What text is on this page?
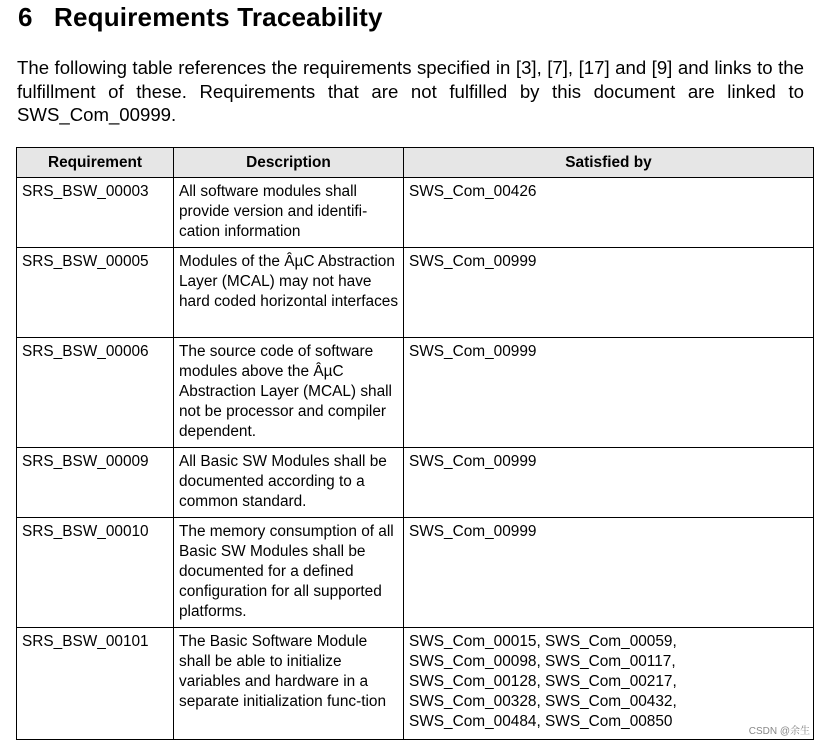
6 Requirements Traceability

The following table references the requirements specified in [3], [7], [17] and [9] and links to the fulfillment of these. Requirements that are not fulfilled by this document are linked to SWS_Com_00999.

Requirement	Description	Satisfied by
SRS_BSW_00003	All software modules shall provide version and identifi-cation information	SWS_Com_00426
SRS_BSW_00005	Modules of the ÂµC Abstraction Layer (MCAL) may not have hard coded horizontal interfaces	SWS_Com_00999
SRS_BSW_00006	The source code of software modules above the ÂµC Abstraction Layer (MCAL) shall not be processor and compiler dependent.	SWS_Com_00999
SRS_BSW_00009	All Basic SW Modules shall be documented according to a common standard.	SWS_Com_00999
SRS_BSW_00010	The memory consumption of all Basic SW Modules shall be documented for a defined configuration for all supported platforms.	SWS_Com_00999
SRS_BSW_00101	The Basic Software Module shall be able to initialize variables and hardware in a separate initialization func-tion	SWS_Com_00015, SWS_Com_00059, SWS_Com_00098, SWS_Com_00117, SWS_Com_00128, SWS_Com_00217, SWS_Com_00328, SWS_Com_00432, SWS_Com_00484, SWS_Com_00850
CSDN @余生
